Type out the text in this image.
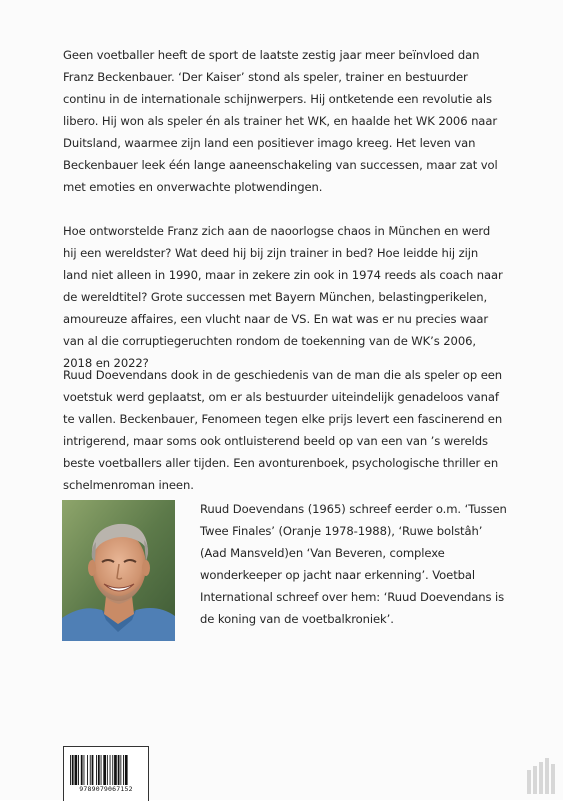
Geen voetballer heeft de sport de laatste zestig jaar meer beïnvloed dan Franz Beckenbauer. ‘Der Kaiser’ stond als speler, trainer en bestuurder continu in de internationale schijnwerpers. Hij ontketende een revolutie als libero. Hij won als speler én als trainer het WK, en haalde het WK 2006 naar Duitsland, waarmee zijn land een positiever imago kreeg. Het leven van Beckenbauer leek één lange aaneenschakeling van successen, maar zat vol met emoties en onverwachte plotwendingen.
Hoe ontworstelde Franz zich aan de naoorlogse chaos in München en werd hij een wereldster? Wat deed hij bij zijn trainer in bed? Hoe leidde hij zijn land niet alleen in 1990, maar in zekere zin ook in 1974 reeds als coach naar de wereldtitel? Grote successen met Bayern München, belastingperikelen, amoureuze affaires, een vlucht naar de VS. En wat was er nu precies waar van al die corruptiegeruchten rondom de toekenning van de WK’s 2006, 2018 en 2022?
Ruud Doevendans dook in de geschiedenis van de man die als speler op een voetstuk werd geplaatst, om er als bestuurder uiteindelijk genadeloos vanaf te vallen. Beckenbauer, Fenomeen tegen elke prijs levert een fascinerend en intrigerend, maar soms ook ontluisterend beeld op van een van ’s werelds beste voetballers aller tijden. Een avonturenboek, psychologische thriller en schelmenroman ineen.
Ruud Doevendans (1965) schreef eerder o.m. ‘Tussen Twee Finales’ (Oranje 1978-1988), ‘Ruwe bolstâh’ (Aad Mansveld)en ‘Van Beveren, complexe wonderkeeper op jacht naar erkenning’. Voetbal International schreef over hem: ‘Ruud Doevendans is de koning van de voetbalkroniek’.
9789079067152
